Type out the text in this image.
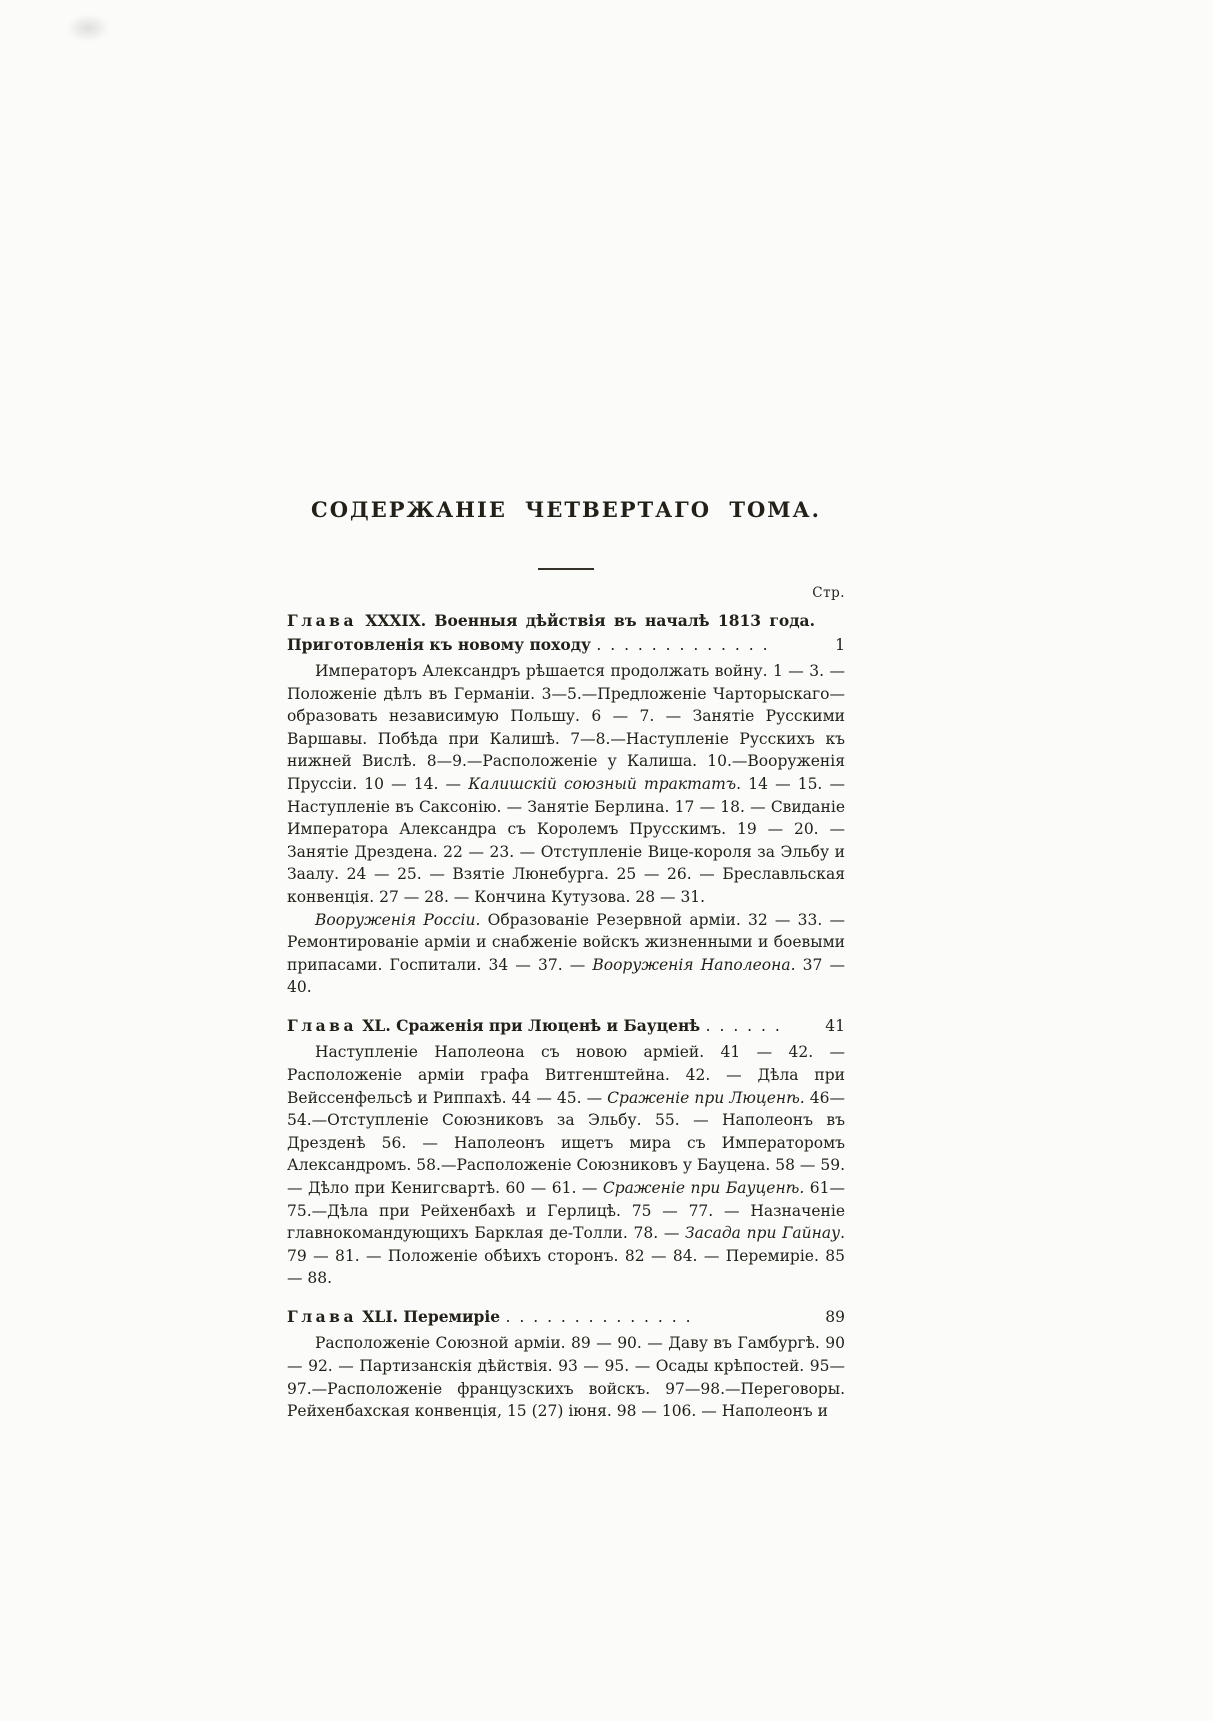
СОДЕРЖАНІЕ ЧЕТВЕРТАГО ТОМА.
Стр.
Глава XXXIX. Военныя дѣйствія въ началѣ 1813 года. Приготовленія къ новому походу . . . . . . . . . . . . .	1

Императоръ Александръ рѣшается продолжать войну. 1 — 3. — Положеніе дѣлъ въ Германіи. 3—5.—Предложеніе Чарторыскаго— образовать независимую Польшу. 6 — 7. — Занятіе Русскими Варшавы. Побѣда при Калишѣ. 7—8.—Наступленіе Русскихъ къ нижней Вислѣ. 8—9.—Расположеніе у Калиша. 10.—Вооруженія Пруссіи. 10 — 14. — Калишскій союзный трактатъ. 14 — 15. — Наступленіе въ Саксонію. — Занятіе Берлина. 17 — 18. — Свиданіе Императора Александра съ Королемъ Прусскимъ. 19 — 20. — Занятіе Дрездена. 22 — 23. — Отступленіе Вице-короля за Эльбу и Заалу. 24 — 25. — Взятіе Люнебурга. 25 — 26. — Бреславльская конвенція. 27 — 28. — Кончина Кутузова. 28 — 31.

Вооруженія Россіи. Образованіе Резервной арміи. 32 — 33. — Ремонтированіе арміи и снабженіе войскъ жизненными и боевыми припасами. Госпитали. 34 — 37. — Вооруженія Наполеона. 37 — 40.

Глава XL. Сраженія при Люценѣ и Бауценѣ . . . . . .	41

Наступленіе Наполеона съ новою арміей. 41 — 42. — Расположеніе арміи графа Витгенштейна. 42. — Дѣла при Вейссенфельсѣ и Риппахѣ. 44 — 45. — Сраженіе при Люценѣ. 46—54.—Отступленіе Союзниковъ за Эльбу. 55. — Наполеонъ въ Дрезденѣ 56. — Наполеонъ ищетъ мира съ Императоромъ Александромъ. 58.—Расположеніе Союзниковъ у Бауцена. 58 — 59. — Дѣло при Кенигсвартѣ. 60 — 61. — Сраженіе при Бауценѣ. 61—75.—Дѣла при Рейхенбахѣ и Герлицѣ. 75 — 77. — Назначеніе главнокомандующихъ Барклая де-Толли. 78. — Засада при Гайнау. 79 — 81. — Положеніе обѣихъ сторонъ. 82 — 84. — Перемиріе. 85 — 88.

Глава XLI. Перемиріе . . . . . . . . . . . . . .	89

Расположеніе Союзной арміи. 89 — 90. — Даву въ Гамбургѣ. 90 — 92. — Партизанскія дѣйствія. 93 — 95. — Осады крѣпостей. 95—97.—Расположеніе французскихъ войскъ. 97—98.—Переговоры. Рейхенбахская конвенція, 15 (27) іюня. 98 — 106. — Наполеонъ и
